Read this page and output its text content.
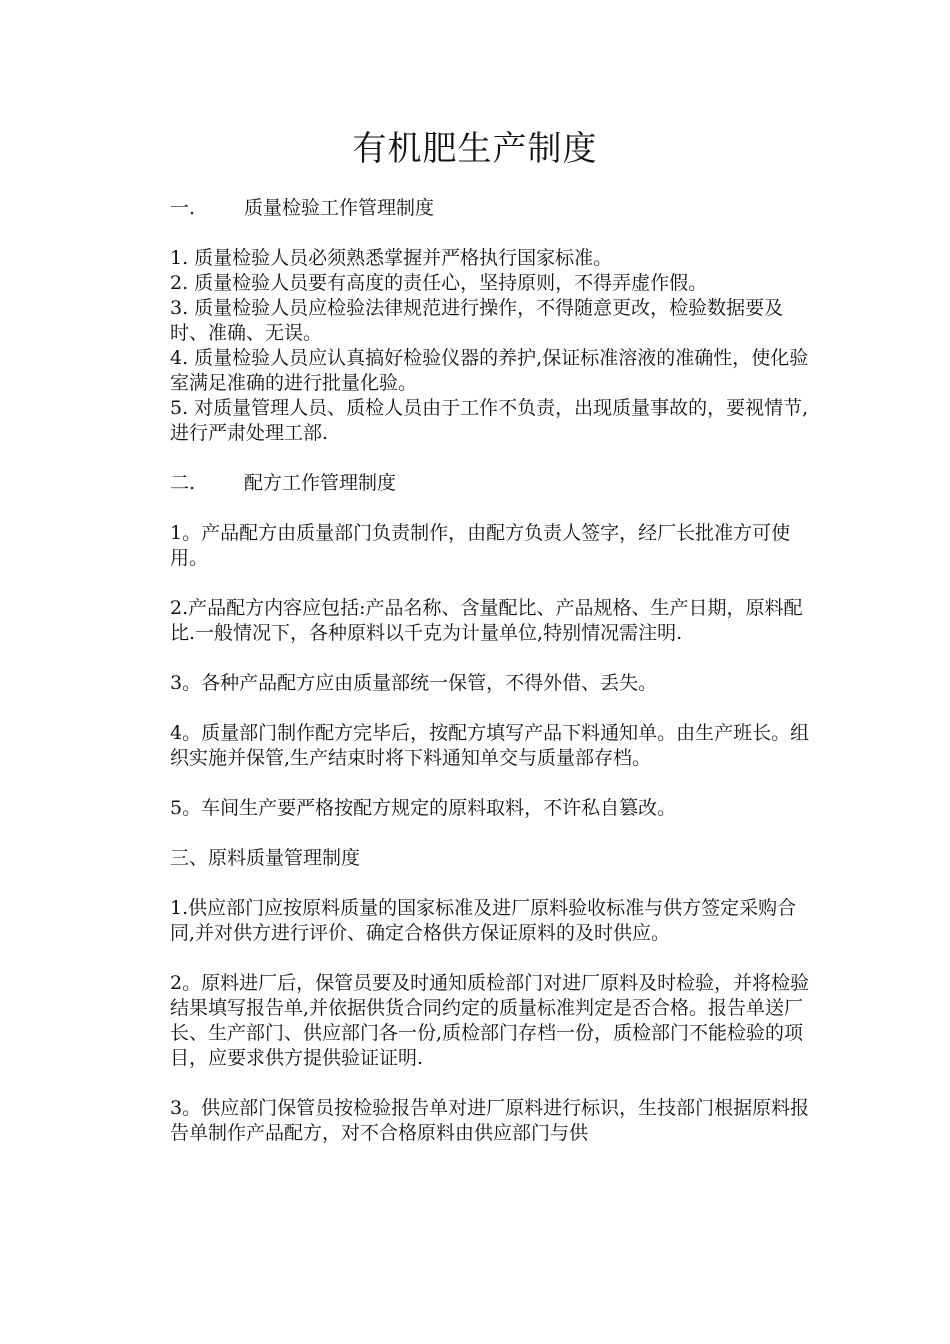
有机肥生产制度
一.	质量检验工作管理制度

1. 质量检验人员必须熟悉掌握并严格执行国家标准。

2. 质量检验人员要有高度的责任心，坚持原则，不得弄虚作假。

3. 质量检验人员应检验法律规范进行操作，不得随意更改，检验数据要及时、准确、无误。

4. 质量检验人员应认真搞好检验仪器的养护,保证标准溶液的准确性，使化验室满足准确的进行批量化验。

5. 对质量管理人员、质检人员由于工作不负责，出现质量事故的，要视情节,进行严肃处理工部.

二.	配方工作管理制度

1。产品配方由质量部门负责制作，由配方负责人签字，经厂长批准方可使用。

2.产品配方内容应包括:产品名称、含量配比、产品规格、生产日期，原料配比.一般情况下，各种原料以千克为计量单位,特别情况需注明.

3。各种产品配方应由质量部统一保管，不得外借、丢失。

4。质量部门制作配方完毕后，按配方填写产品下料通知单。由生产班长。组织实施并保管,生产结束时将下料通知单交与质量部存档。

5。车间生产要严格按配方规定的原料取料，不许私自篡改。

三、原料质量管理制度

1.供应部门应按原料质量的国家标准及进厂原料验收标准与供方签定采购合同,并对供方进行评价、确定合格供方保证原料的及时供应。

2。原料进厂后，保管员要及时通知质检部门对进厂原料及时检验，并将检验结果填写报告单,并依据供货合同约定的质量标准判定是否合格。报告单送厂长、生产部门、供应部门各一份,质检部门存档一份，质检部门不能检验的项目，应要求供方提供验证证明.

3。供应部门保管员按检验报告单对进厂原料进行标识，生技部门根据原料报告单制作产品配方，对不合格原料由供应部门与供
